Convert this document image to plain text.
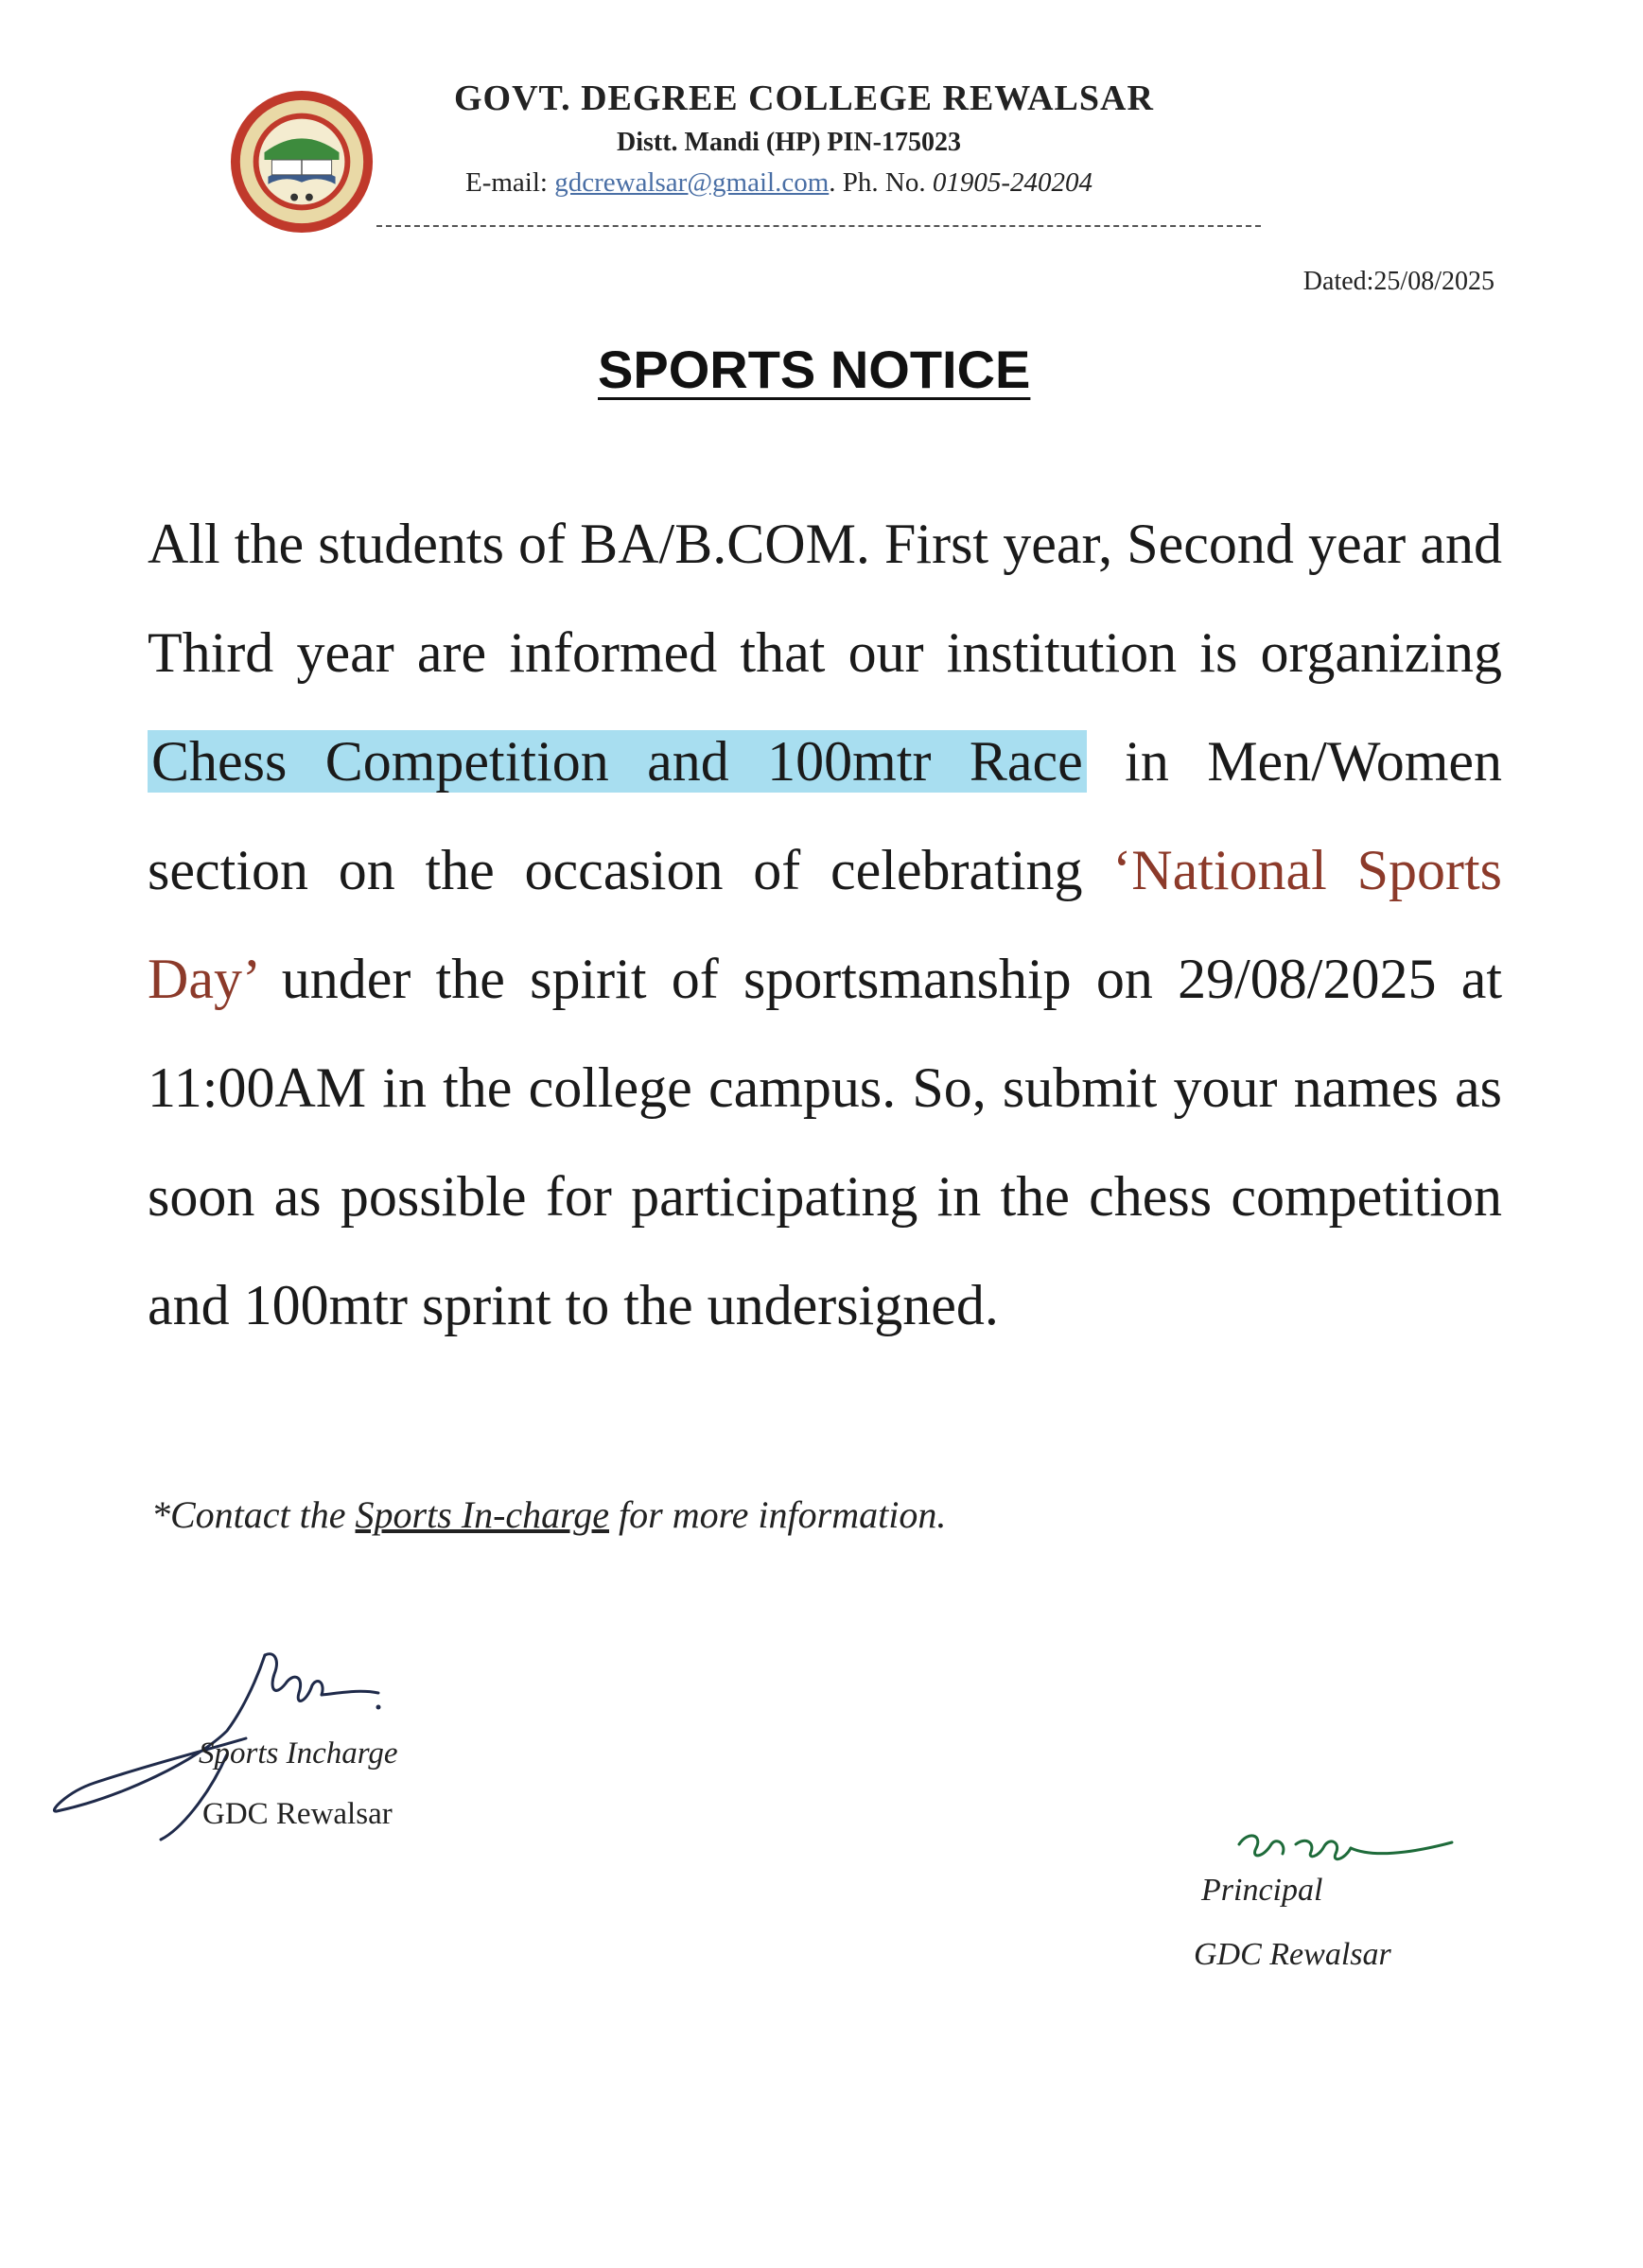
GOVT. DEGREE COLLEGE REWALSAR
Distt. Mandi (HP) PIN-175023
E-mail: gdcrewalsar@gmail.com. Ph. No. 01905-240204
Dated:25/08/2025
SPORTS NOTICE
All the students of BA/B.COM. First year, Second year and Third year are informed that our institution is organizing Chess Competition and 100mtr Race in Men/Women section on the occasion of celebrating ‘National Sports Day’ under the spirit of sportsmanship on 29/08/2025 at 11:00AM in the college campus. So, submit your names as soon as possible for participating in the chess competition and 100mtr sprint to the undersigned.
*Contact the Sports In-charge for more information.
Sports Incharge
GDC Rewalsar
Principal
GDC Rewalsar
